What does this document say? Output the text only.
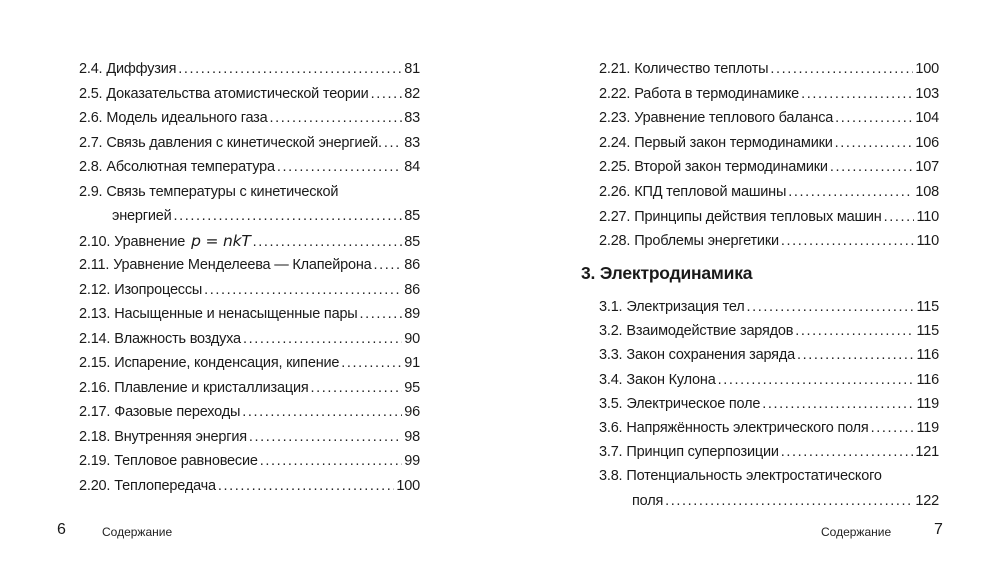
2.4. Диффузия .....	81
2.5. Доказательства атомистической теории ..... 82
2.6. Модель идеального газа .....	83
2.7. Связь давления с кинетической энергией. ..... 83
2.8. Абсолютная температура .....	84
2.9. Связь температуры с кинетической
энергией .....	85
2.10. Уравнение p = nkT .....	85
2.11. Уравнение Менделеева — Клапейрона ..... 86
2.12. Изопроцессы .....	86
2.13. Насыщенные и ненасыщенные пары .....	89
2.14. Влажность воздуха .....	90
2.15. Испарение, конденсация, кипение .....	91
2.16. Плавление и кристаллизация .....	95
2.17. Фазовые переходы .....	96
2.18. Внутренняя энергия .....	98
2.19. Тепловое равновесие .....	99
2.20. Теплопередача .....	100
6	Содержание
2.21. Количество теплоты .....	100
2.22. Работа в термодинамике .....	103
2.23. Уравнение теплового баланса .....	104
2.24. Первый закон термодинамики .....	106
2.25. Второй закон термодинамики .....	107
2.26. КПД тепловой машины .....	108
2.27. Принципы действия тепловых машин ..... 110
2.28. Проблемы энергетики .....	110
3. Электродинамика
3.1. Электризация тел .....	115
3.2. Взаимодействие зарядов .....	115
3.3. Закон сохранения заряда .....	116
3.4. Закон Кулона .....	116
3.5. Электрическое поле .....	119
3.6. Напряжённость электрического поля .....	119
3.7. Принцип суперпозиции .....	121
3.8. Потенциальность электростатического
поля .....	122
Содержание	7
